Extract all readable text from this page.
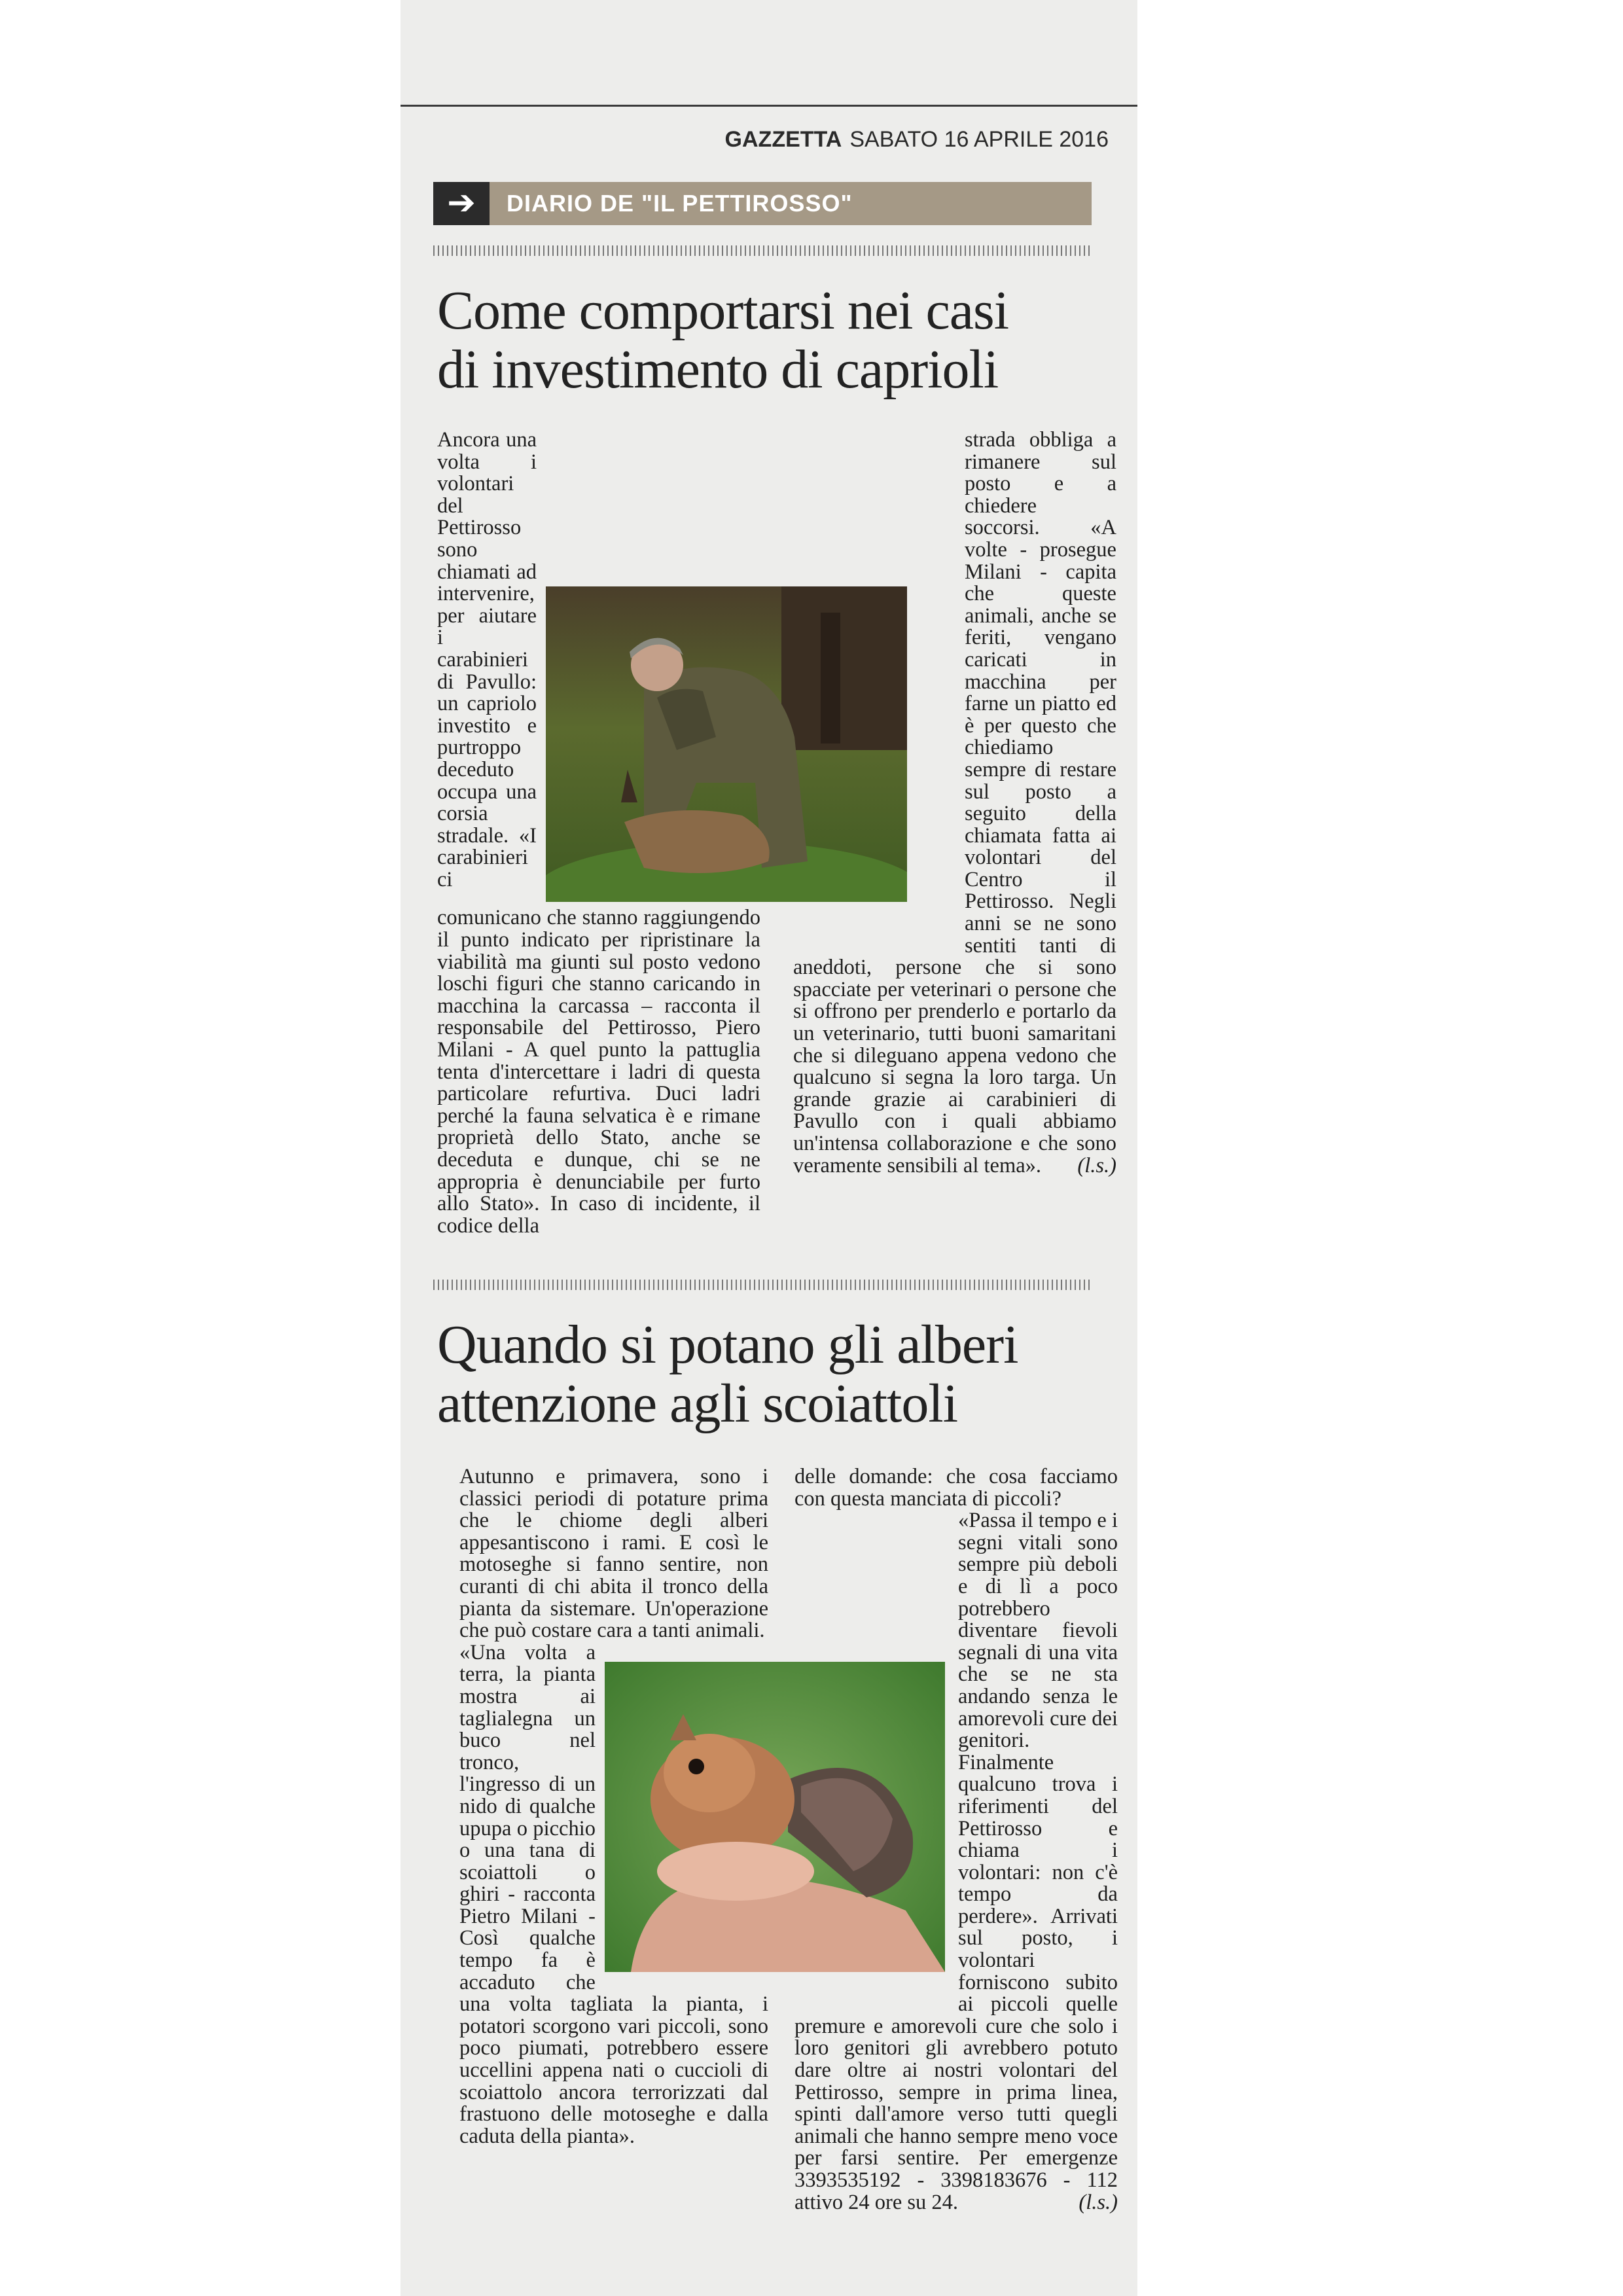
GAZZETTA SABATO 16 APRILE 2016
➔	DIARIO DE "IL PETTIROSSO"
Come comportarsi nei casi
di investimento di caprioli

Ancora una volta i volontari del Pettirosso sono chiamati ad intervenire, per aiutare i carabinieri di Pavullo: un capriolo investito e purtroppo deceduto occupa una corsia stradale. «I carabinieri ci comunicano che stanno raggiungendo il punto indicato per ripristinare la viabilità ma giunti sul posto vedono loschi figuri che stanno caricando in macchina la carcassa – racconta il responsabile del Pettirosso, Piero Milani - A quel punto la pattuglia tenta d'intercettare i ladri di questa particolare refurtiva. Duci ladri perché la fauna selvatica è e rimane proprietà dello Stato, anche se deceduta e dunque, chi se ne appropria è denunciabile per furto allo Stato». In caso di incidente, il codice della

strada obbliga a rimanere sul posto e a chiedere soccorsi. «A volte - prosegue Milani - capita che queste animali, anche se feriti, vengano caricati in macchina per farne un piatto ed è per questo che chiediamo sempre di restare sul posto a seguito della chiamata fatta ai volontari del Centro il Pettirosso. Negli anni se ne sono sentiti tanti di aneddoti, persone che si sono spacciate per veterinari o persone che si offrono per prenderlo e portarlo da un veterinario, tutti buoni samaritani che si dileguano appena vedono che qualcuno si segna la loro targa. Un grande grazie ai carabinieri di Pavullo con i quali abbiamo un'intensa collaborazione e che sono veramente sensibili al tema». (l.s.)

Quando si potano gli alberi
attenzione agli scoiattoli

Autunno e primavera, sono i classici periodi di potature prima che le chiome degli alberi appesantiscono i rami. E così le motoseghe si fanno sentire, non curanti di chi abita il tronco della pianta da sistemare. Un'operazione che può costare cara a tanti animali.

«Una volta a terra, la pianta mostra ai taglialegna un buco nel tronco, l'ingresso di un nido di qualche upupa o picchio o una tana di scoiattoli o ghiri - racconta Pietro Milani - Così qualche tempo fa è accaduto che una volta tagliata la pianta, i potatori scorgono vari piccoli, sono poco piumati, potrebbero essere uccellini appena nati o cuccioli di scoiattolo ancora terrorizzati dal frastuono delle motoseghe e dalla caduta della pianta».

delle domande: che cosa facciamo con questa manciata di piccoli?

«Passa il tempo e i segni vitali sono sempre più deboli e di lì a poco potrebbero diventare fievoli segnali di una vita che se ne sta andando senza le amorevoli cure dei genitori. Finalmente qualcuno trova i riferimenti del Pettirosso e chiama i volontari: non c'è tempo da perdere». Arrivati sul posto, i volontari forniscono subito ai piccoli quelle premure e amorevoli cure che solo i loro genitori gli avrebbero potuto dare oltre ai nostri volontari del Pettirosso, sempre in prima linea, spinti dall'amore verso tutti quegli animali che hanno sempre meno voce per farsi sentire. Per emergenze 3393535192 - 3398183676 - 112 attivo 24 ore su 24.	(l.s.)
